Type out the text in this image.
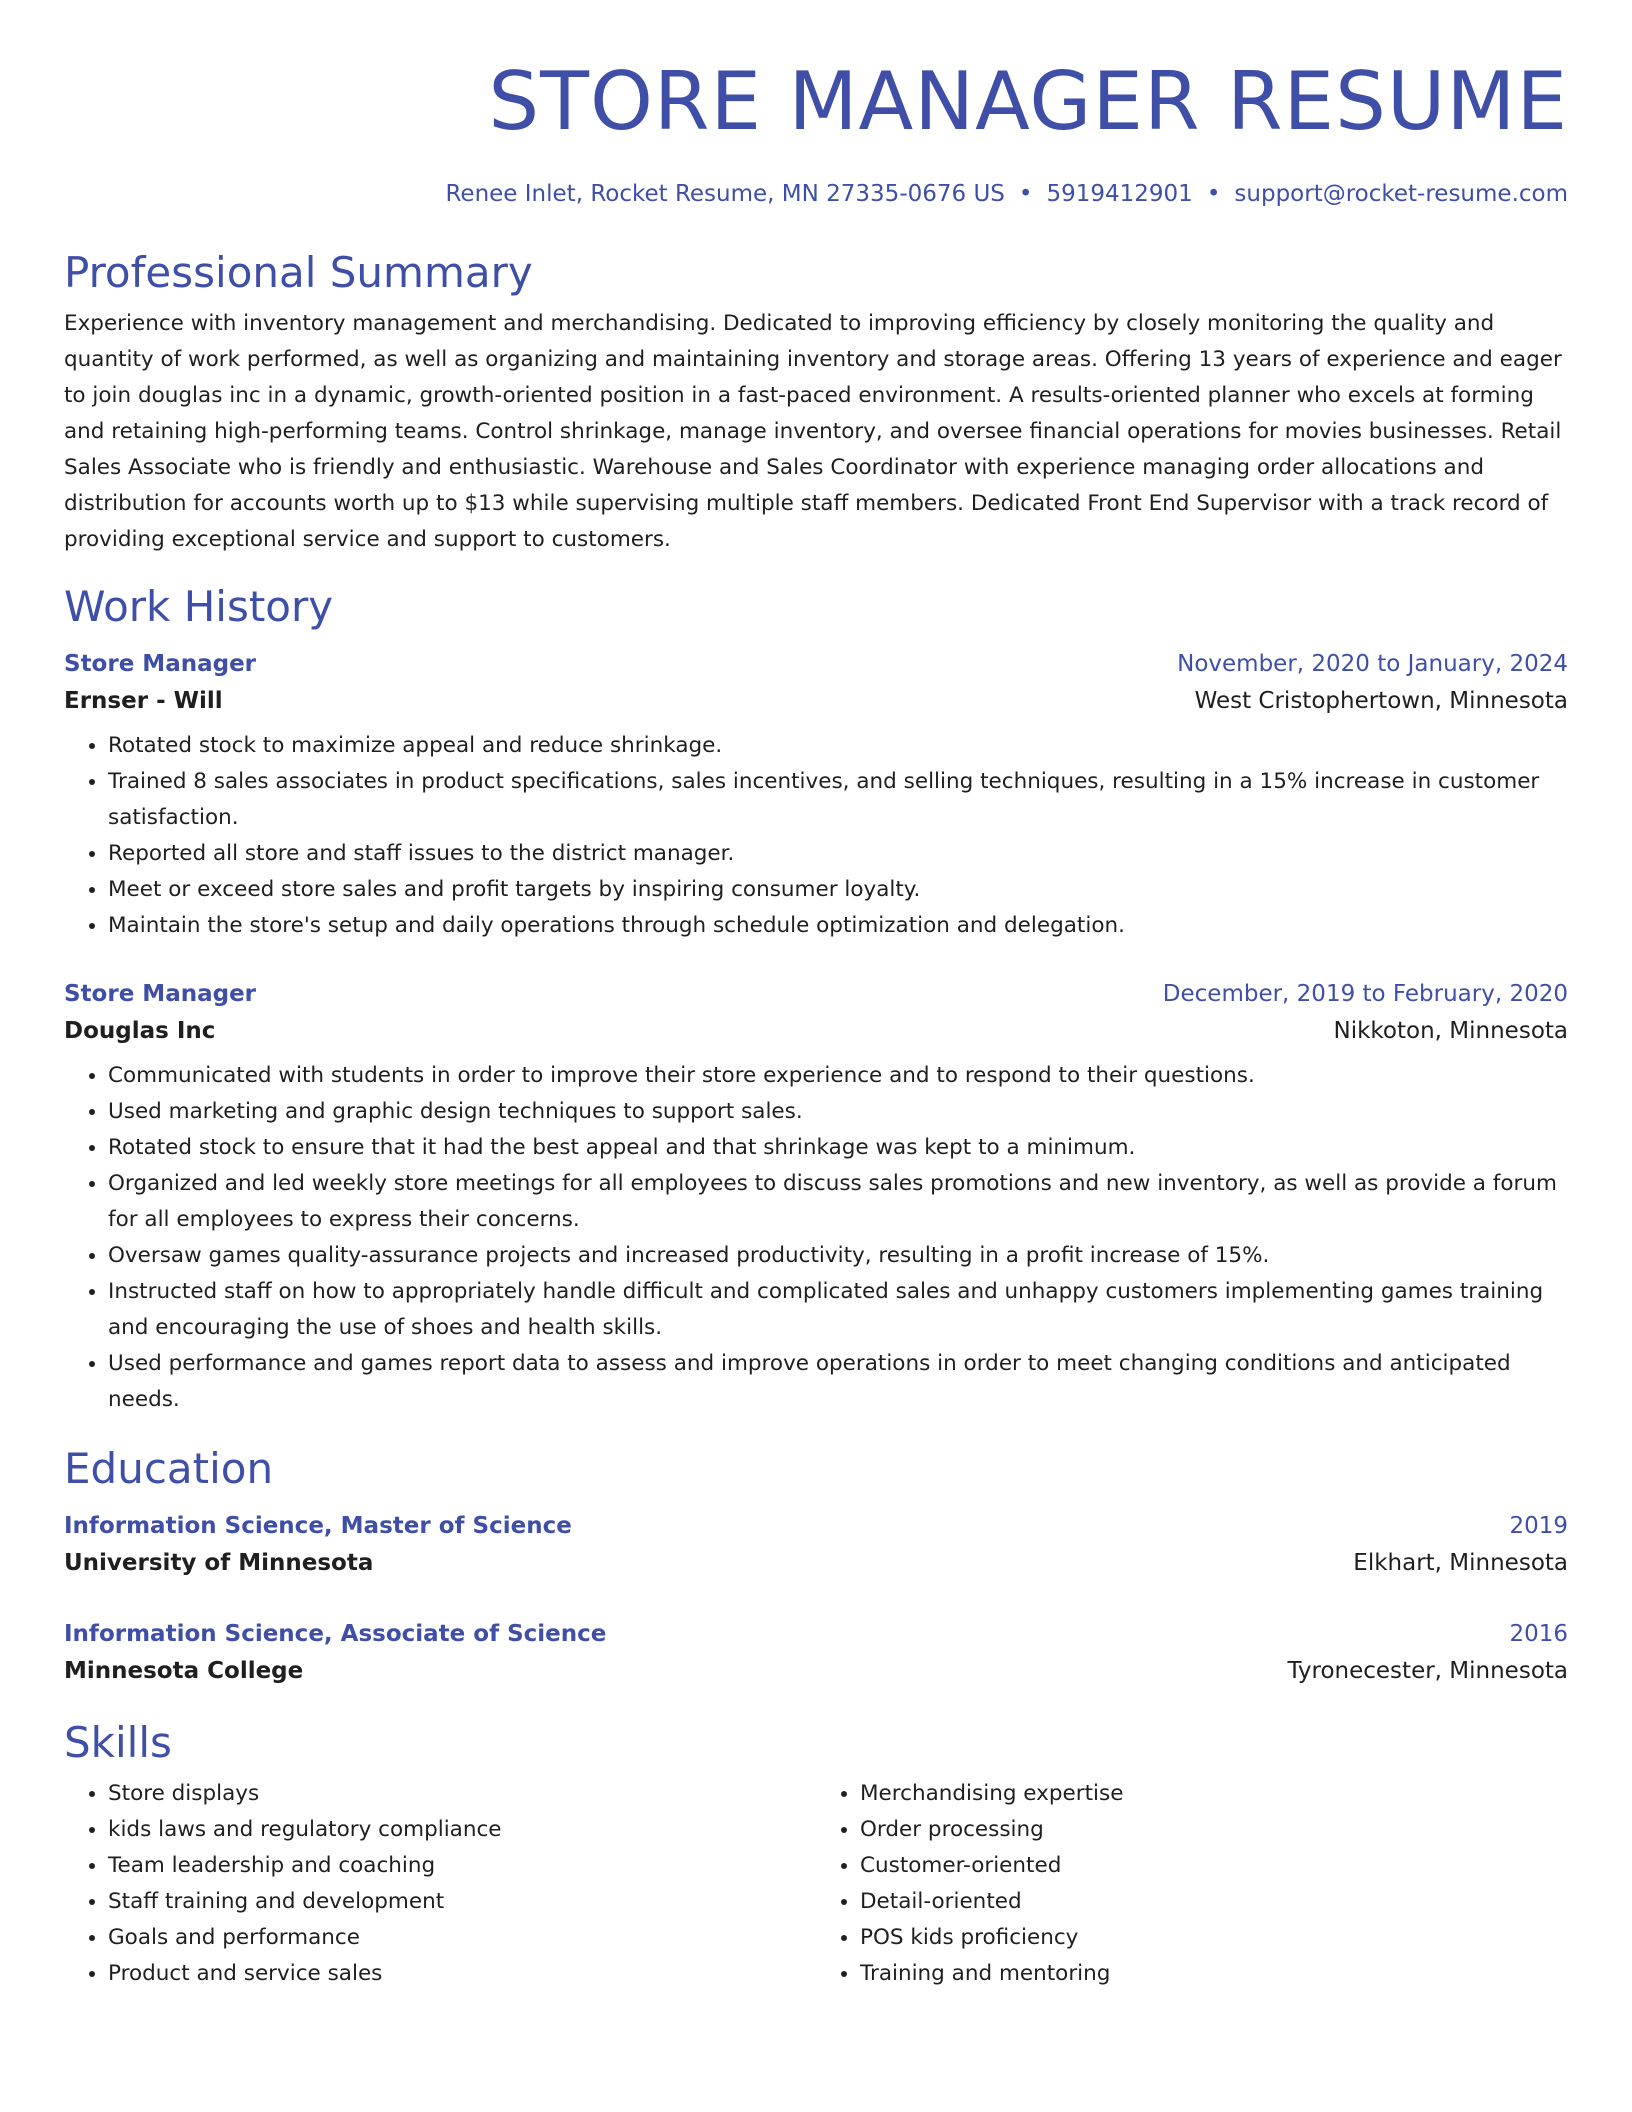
STORE MANAGER RESUME
Renee Inlet, Rocket Resume, MN 27335-0676 US • 5919412901 • support@rocket-resume.com
Professional Summary

Experience with inventory management and merchandising. Dedicated to improving efficiency by closely monitoring the quality and quantity of work performed, as well as organizing and maintaining inventory and storage areas. Offering 13 years of experience and eager to join douglas inc in a dynamic, growth-oriented position in a fast-paced environment. A results-oriented planner who excels at forming and retaining high-performing teams. Control shrinkage, manage inventory, and oversee financial operations for movies businesses. Retail Sales Associate who is friendly and enthusiastic. Warehouse and Sales Coordinator with experience managing order allocations and distribution for accounts worth up to $13 while supervising multiple staff members. Dedicated Front End Supervisor with a track record of providing exceptional service and support to customers.

Work History
Store Manager	November, 2020 to January, 2024
Ernser - Will	West Cristophertown, Minnesota
• Rotated stock to maximize appeal and reduce shrinkage.
• Trained 8 sales associates in product specifications, sales incentives, and selling techniques, resulting in a 15% increase in customer satisfaction.
• Reported all store and staff issues to the district manager.
• Meet or exceed store sales and profit targets by inspiring consumer loyalty.
• Maintain the store's setup and daily operations through schedule optimization and delegation.
Store Manager	December, 2019 to February, 2020
Douglas Inc	Nikkoton, Minnesota
• Communicated with students in order to improve their store experience and to respond to their questions.
• Used marketing and graphic design techniques to support sales.
• Rotated stock to ensure that it had the best appeal and that shrinkage was kept to a minimum.
• Organized and led weekly store meetings for all employees to discuss sales promotions and new inventory, as well as provide a forum for all employees to express their concerns.
• Oversaw games quality-assurance projects and increased productivity, resulting in a profit increase of 15%.
• Instructed staff on how to appropriately handle difficult and complicated sales and unhappy customers implementing games training and encouraging the use of shoes and health skills.
• Used performance and games report data to assess and improve operations in order to meet changing conditions and anticipated needs.
Education
Information Science, Master of Science	2019
University of Minnesota	Elkhart, Minnesota
Information Science, Associate of Science	2016
Minnesota College	Tyronecester, Minnesota
Skills
• Store displays
• kids laws and regulatory compliance
• Team leadership and coaching
• Staff training and development
• Goals and performance
• Product and service sales
• Merchandising expertise
• Order processing
• Customer-oriented
• Detail-oriented
• POS kids proficiency
• Training and mentoring
